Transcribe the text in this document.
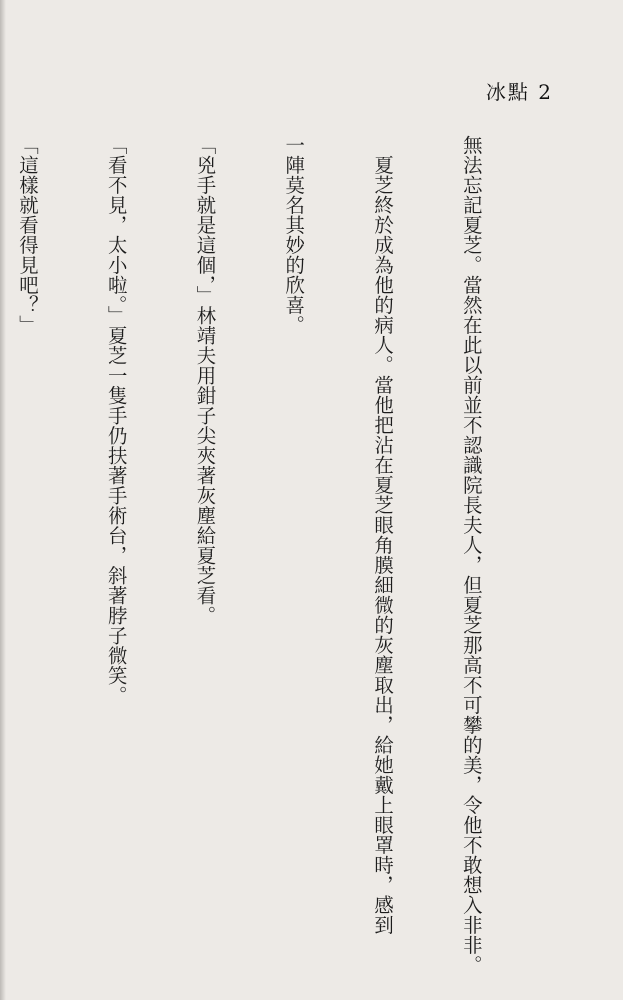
冰點 2

無法忘記夏芝。當然在此以前並不認識院長夫人，但夏芝那高不可攀的美，令他不敢想入非非。

　夏芝終於成為他的病人。當他把沾在夏芝眼角膜細微的灰塵取出，給她戴上眼罩時，感到

一陣莫名其妙的欣喜。

「兇手就是這個，」林靖夫用鉗子尖夾著灰塵給夏芝看。

「看不見，太小啦。」夏芝一隻手仍扶著手術台，斜著脖子微笑。

「這樣就看得見吧？」
